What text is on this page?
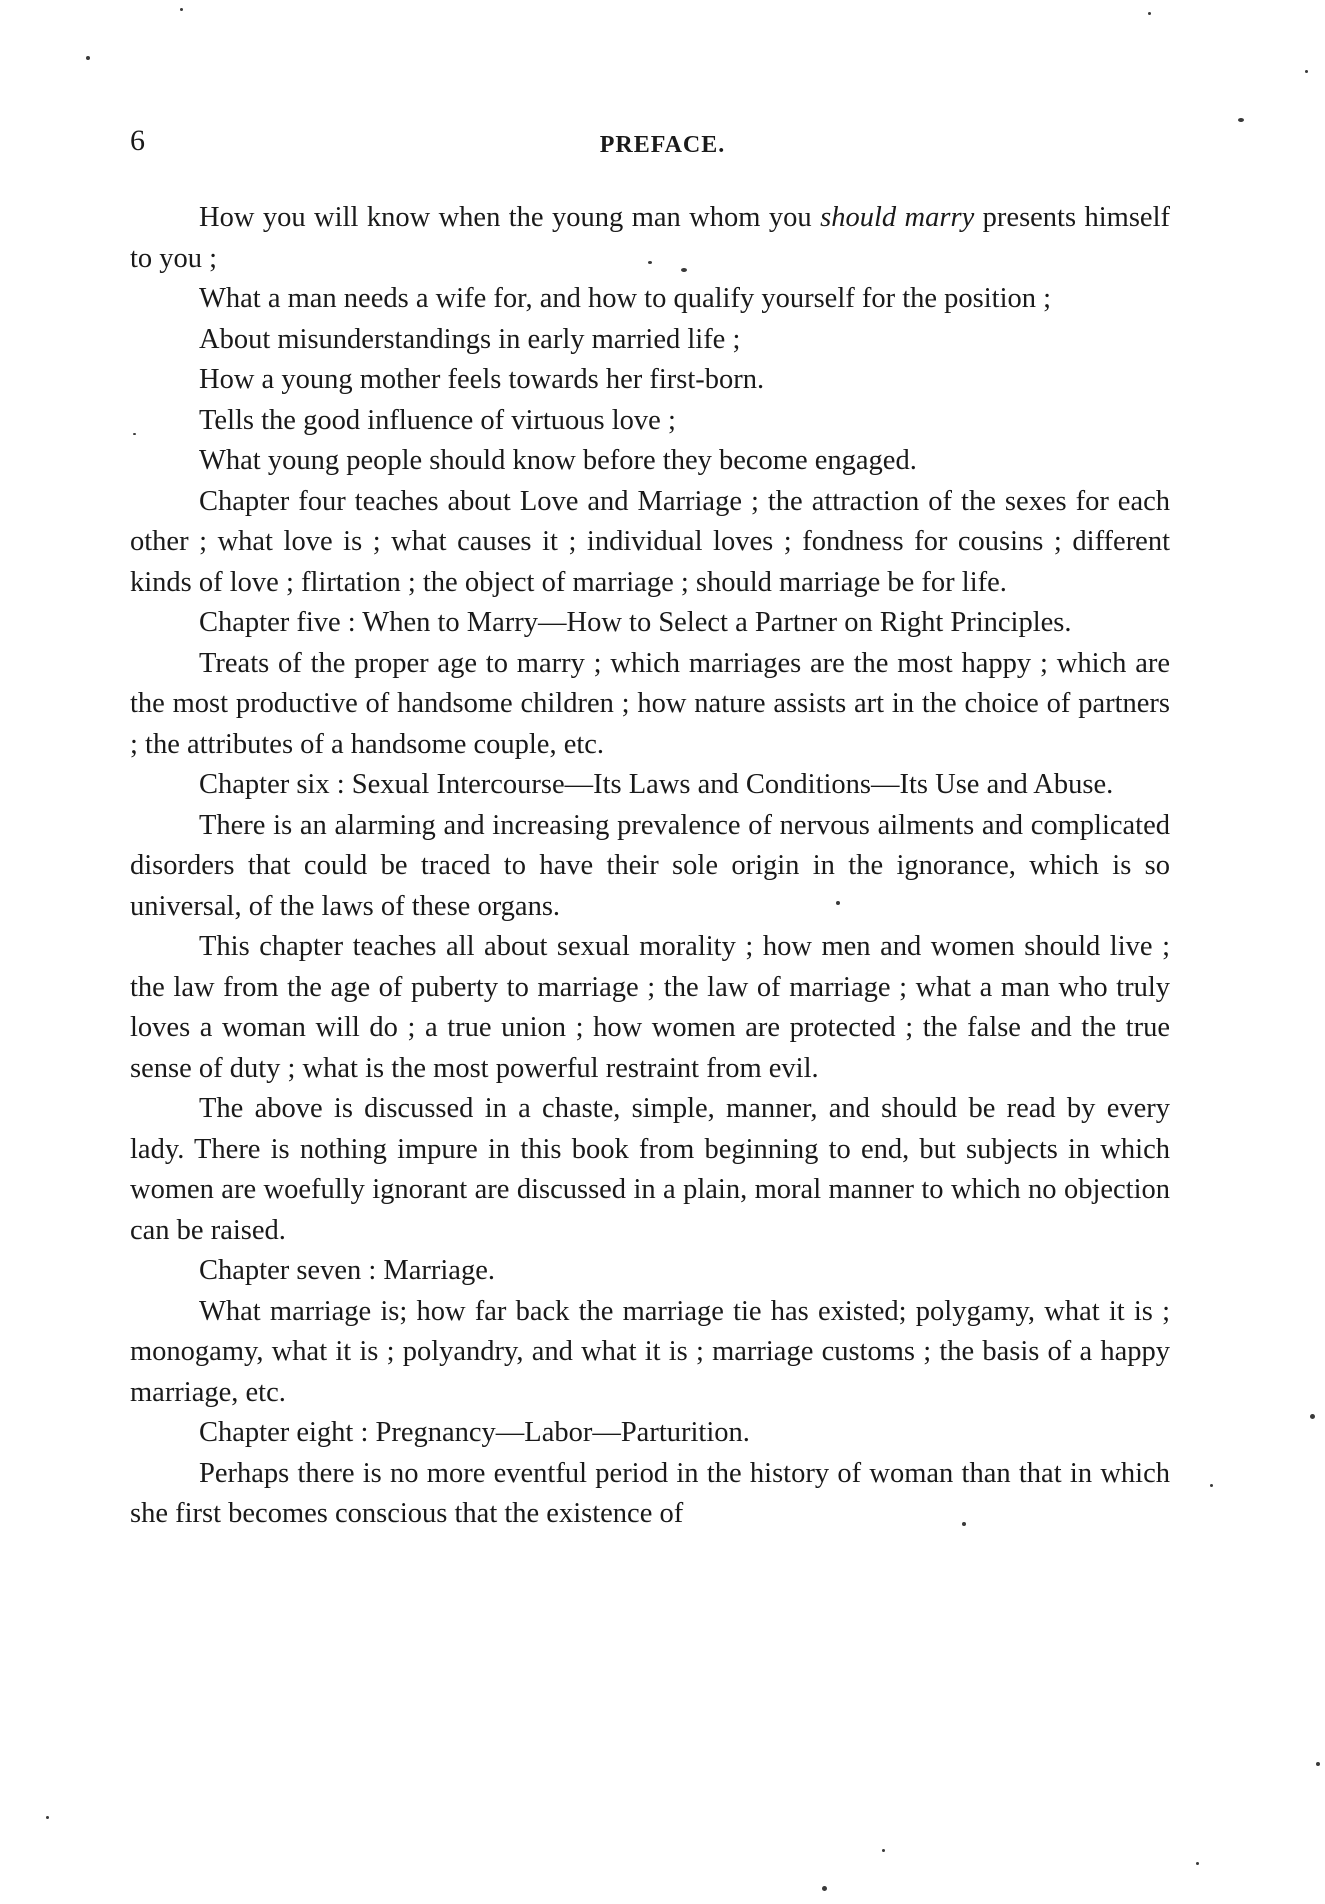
6	PREFACE.

How you will know when the young man whom you should marry presents himself to you ;

What a man needs a wife for, and how to qualify yourself for the position ;

About misunderstandings in early married life ;

How a young mother feels towards her first-born.

Tells the good influence of virtuous love ;

What young people should know before they become engaged.

Chapter four teaches about Love and Marriage ; the attraction of the sexes for each other ; what love is ; what causes it ; individual loves ; fondness for cousins ; different kinds of love ; flirtation ; the object of marriage ; should marriage be for life.

Chapter five : When to Marry—How to Select a Partner on Right Principles.

Treats of the proper age to marry ; which marriages are the most happy ; which are the most productive of handsome children ; how nature assists art in the choice of partners ; the attributes of a handsome couple, etc.

Chapter six : Sexual Intercourse—Its Laws and Conditions—Its Use and Abuse.

There is an alarming and increasing prevalence of nervous ailments and complicated disorders that could be traced to have their sole origin in the ignorance, which is so universal, of the laws of these organs.

This chapter teaches all about sexual morality ; how men and women should live ; the law from the age of puberty to marriage ; the law of marriage ; what a man who truly loves a woman will do ; a true union ; how women are protected ; the false and the true sense of duty ; what is the most powerful restraint from evil.

The above is discussed in a chaste, simple, manner, and should be read by every lady. There is nothing impure in this book from beginning to end, but subjects in which women are woefully ignorant are discussed in a plain, moral manner to which no objection can be raised.

Chapter seven : Marriage.

What marriage is; how far back the marriage tie has existed; polygamy, what it is ; monogamy, what it is ; polyandry, and what it is ; marriage customs ; the basis of a happy marriage, etc.

Chapter eight : Pregnancy—Labor—Parturition.

Perhaps there is no more eventful period in the history of woman than that in which she first becomes conscious that the existence of
